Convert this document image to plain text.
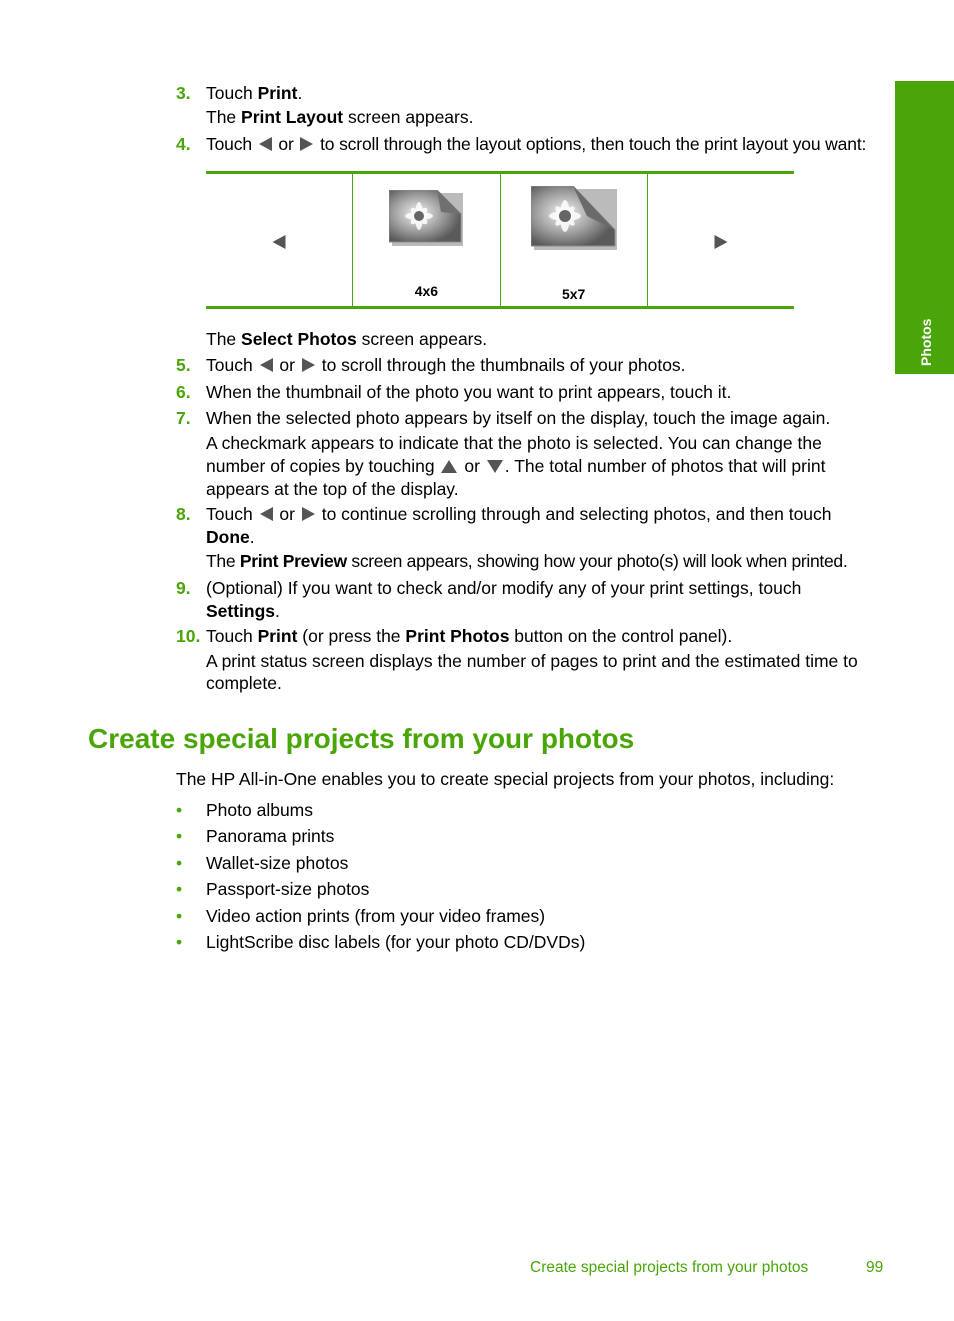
Photos
3. Touch Print.
The Print Layout screen appears.
4. Touch  or  to scroll through the layout options, then touch the print layout you want:
4x6	5x7
The Select Photos screen appears.
5. Touch  or  to scroll through the thumbnails of your photos.
6. When the thumbnail of the photo you want to print appears, touch it.
7. When the selected photo appears by itself on the display, touch the image again.
A checkmark appears to indicate that the photo is selected. You can change the
number of copies by touching  or . The total number of photos that will print
appears at the top of the display.
8. Touch  or  to continue scrolling through and selecting photos, and then touch
Done.
The Print Preview screen appears, showing how your photo(s) will look when printed.
9. (Optional) If you want to check and/or modify any of your print settings, touch
Settings.
10. Touch Print (or press the Print Photos button on the control panel).
A print status screen displays the number of pages to print and the estimated time to
complete.
Create special projects from your photos
The HP All-in-One enables you to create special projects from your photos, including:
• Photo albums
• Panorama prints
• Wallet-size photos
• Passport-size photos
• Video action prints (from your video frames)
• LightScribe disc labels (for your photo CD/DVDs)
Create special projects from your photos	99
